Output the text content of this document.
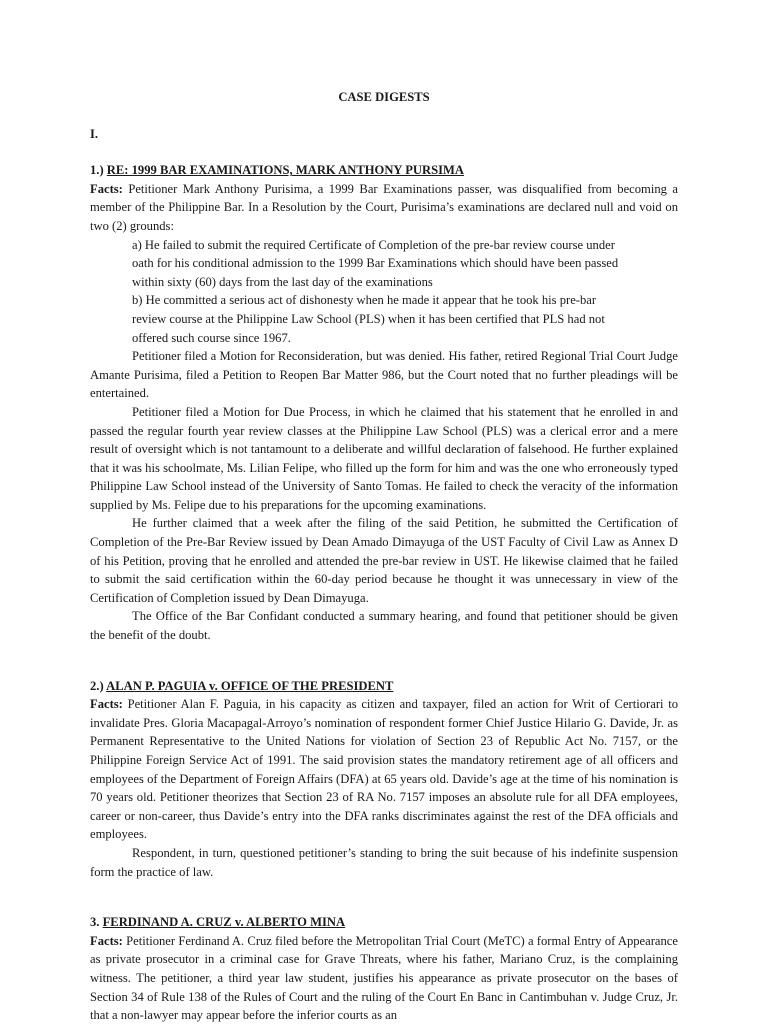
CASE DIGESTS
I.
1.) RE: 1999 BAR EXAMINATIONS, MARK ANTHONY PURSIMA

Facts: Petitioner Mark Anthony Purisima, a 1999 Bar Examinations passer, was disqualified from becoming a member of the Philippine Bar. In a Resolution by the Court, Purisima’s examinations are declared null and void on two (2) grounds:

a) He failed to submit the required Certificate of Completion of the pre-bar review course under oath for his conditional admission to the 1999 Bar Examinations which should have been passed within sixty (60) days from the last day of the examinations
b) He committed a serious act of dishonesty when he made it appear that he took his pre-bar review course at the Philippine Law School (PLS) when it has been certified that PLS had not offered such course since 1967.

Petitioner filed a Motion for Reconsideration, but was denied. His father, retired Regional Trial Court Judge Amante Purisima, filed a Petition to Reopen Bar Matter 986, but the Court noted that no further pleadings will be entertained.

Petitioner filed a Motion for Due Process, in which he claimed that his statement that he enrolled in and passed the regular fourth year review classes at the Philippine Law School (PLS) was a clerical error and a mere result of oversight which is not tantamount to a deliberate and willful declaration of falsehood. He further explained that it was his schoolmate, Ms. Lilian Felipe, who filled up the form for him and was the one who erroneously typed Philippine Law School instead of the University of Santo Tomas. He failed to check the veracity of the information supplied by Ms. Felipe due to his preparations for the upcoming examinations.

He further claimed that a week after the filing of the said Petition, he submitted the Certification of Completion of the Pre-Bar Review issued by Dean Amado Dimayuga of the UST Faculty of Civil Law as Annex D of his Petition, proving that he enrolled and attended the pre-bar review in UST. He likewise claimed that he failed to submit the said certification within the 60-day period because he thought it was unnecessary in view of the Certification of Completion issued by Dean Dimayuga.

The Office of the Bar Confidant conducted a summary hearing, and found that petitioner should be given the benefit of the doubt.

2.) ALAN P. PAGUIA v. OFFICE OF THE PRESIDENT

Facts: Petitioner Alan F. Paguia, in his capacity as citizen and taxpayer, filed an action for Writ of Certiorari to invalidate Pres. Gloria Macapagal-Arroyo’s nomination of respondent former Chief Justice Hilario G. Davide, Jr. as Permanent Representative to the United Nations for violation of Section 23 of Republic Act No. 7157, or the Philippine Foreign Service Act of 1991. The said provision states the mandatory retirement age of all officers and employees of the Department of Foreign Affairs (DFA) at 65 years old. Davide’s age at the time of his nomination is 70 years old. Petitioner theorizes that Section 23 of RA No. 7157 imposes an absolute rule for all DFA employees, career or non-career, thus Davide’s entry into the DFA ranks discriminates against the rest of the DFA officials and employees.

Respondent, in turn, questioned petitioner’s standing to bring the suit because of his indefinite suspension form the practice of law.

3. FERDINAND A. CRUZ v. ALBERTO MINA

Facts: Petitioner Ferdinand A. Cruz filed before the Metropolitan Trial Court (MeTC) a formal Entry of Appearance as private prosecutor in a criminal case for Grave Threats, where his father, Mariano Cruz, is the complaining witness. The petitioner, a third year law student, justifies his appearance as private prosecutor on the bases of Section 34 of Rule 138 of the Rules of Court and the ruling of the Court En Banc in Cantimbuhan v. Judge Cruz, Jr. that a non-lawyer may appear before the inferior courts as an
